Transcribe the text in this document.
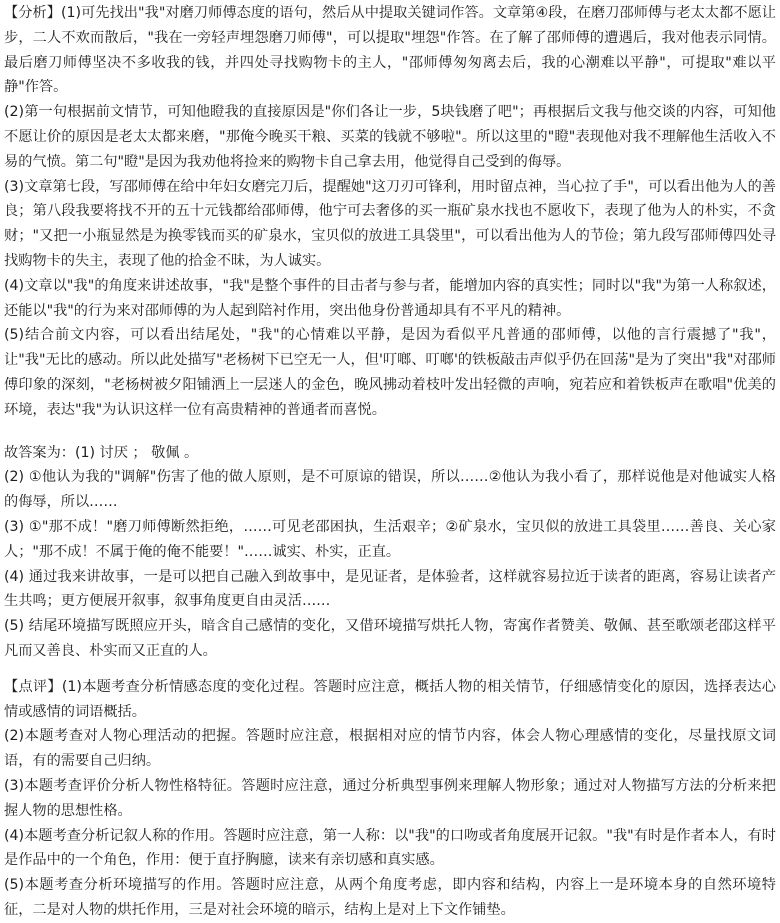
【分析】(1)可先找出"我"对磨刀师傅态度的语句，然后从中提取关键词作答。文章第④段，在磨刀邵师傅与老太太都不愿让步，二人不欢而散后，"我在一旁轻声埋怨磨刀师傅"，可以提取"埋怨"作答。在了解了邵师傅的遭遇后，我对他表示同情。最后磨刀师傅坚决不多收我的钱，并四处寻找购物卡的主人，"邵师傅匆匆离去后，我的心潮难以平静"，可提取"难以平静"作答。

(2)第一句根据前文情节，可知他瞪我的直接原因是"你们各让一步，5块钱磨了吧"；再根据后文我与他交谈的内容，可知他不愿让价的原因是老太太都来磨，"那俺今晚买干粮、买菜的钱就不够啦"。所以这里的"瞪"表现他对我不理解他生活收入不易的气愤。第二句"瞪"是因为我劝他将捡来的购物卡自己拿去用，他觉得自己受到的侮辱。

(3)文章第七段，写邵师傅在给中年妇女磨完刀后，提醒她"这刀刃可锋利，用时留点神，当心拉了手"，可以看出他为人的善良；第八段我要将找不开的五十元钱都给邵师傅，他宁可去奢侈的买一瓶矿泉水找也不愿收下，表现了他为人的朴实，不贪财；"又把一小瓶显然是为换零钱而买的矿泉水，宝贝似的放进工具袋里"，可以看出他为人的节俭；第九段写邵师傅四处寻找购物卡的失主，表现了他的拾金不昧，为人诚实。

(4)文章以"我"的角度来讲述故事，"我"是整个事件的目击者与参与者，能增加内容的真实性；同时以"我"为第一人称叙述，还能以"我"的行为来对邵师傅的为人起到陪衬作用，突出他身份普通却具有不平凡的精神。

(5)结合前文内容，可以看出结尾处，"我"的心情难以平静，是因为看似平凡普通的邵师傅，以他的言行震撼了"我"，让"我"无比的感动。所以此处描写"老杨树下已空无一人，但'叮啷、叮啷'的铁板敲击声似乎仍在回荡"是为了突出"我"对邵师傅印象的深刻，"老杨树被夕阳铺洒上一层迷人的金色，晚风拂动着枝叶发出轻微的声响，宛若应和着铁板声在歌唱"优美的环境，表达"我"为认识这样一位有高贵精神的普通者而喜悦。

故答案为：(1) 讨厌 ； 敬佩 。

(2) ①他认为我的"调解"伤害了他的做人原则，是不可原谅的错误，所以……②他认为我小看了，那样说他是对他诚实人格的侮辱，所以……

(3) ①"那不成！"磨刀师傅断然拒绝，……可见老邵困执，生活艰辛；②矿泉水，宝贝似的放进工具袋里……善良、关心家人；"那不成！不属于俺的俺不能要！"……诚实、朴实，正直。

(4) 通过我来讲故事，一是可以把自己融入到故事中，是见证者，是体验者，这样就容易拉近于读者的距离，容易让读者产生共鸣；更方便展开叙事，叙事角度更自由灵活……

(5) 结尾环境描写既照应开头，暗含自己感情的变化，又借环境描写烘托人物，寄寓作者赞美、敬佩、甚至歌颂老邵这样平凡而又善良、朴实而又正直的人。

【点评】(1)本题考查分析情感态度的变化过程。答题时应注意，概括人物的相关情节，仔细感情变化的原因，选择表达心情或感情的词语概括。

(2)本题考查对人物心理活动的把握。答题时应注意，根据相对应的情节内容，体会人物心理感情的变化，尽量找原文词语，有的需要自己归纳。

(3)本题考查评价分析人物性格特征。答题时应注意，通过分析典型事例来理解人物形象；通过对人物描写方法的分析来把握人物的思想性格。

(4)本题考查分析记叙人称的作用。答题时应注意，第一人称：以"我"的口吻或者角度展开记叙。"我"有时是作者本人，有时是作品中的一个角色，作用：便于直抒胸臆，读来有亲切感和真实感。

(5)本题考查分析环境描写的作用。答题时应注意，从两个角度考虑，即内容和结构，内容上一是环境本身的自然环境特征，二是对人物的烘托作用，三是对社会环境的暗示，结构上是对上下文作铺垫。
